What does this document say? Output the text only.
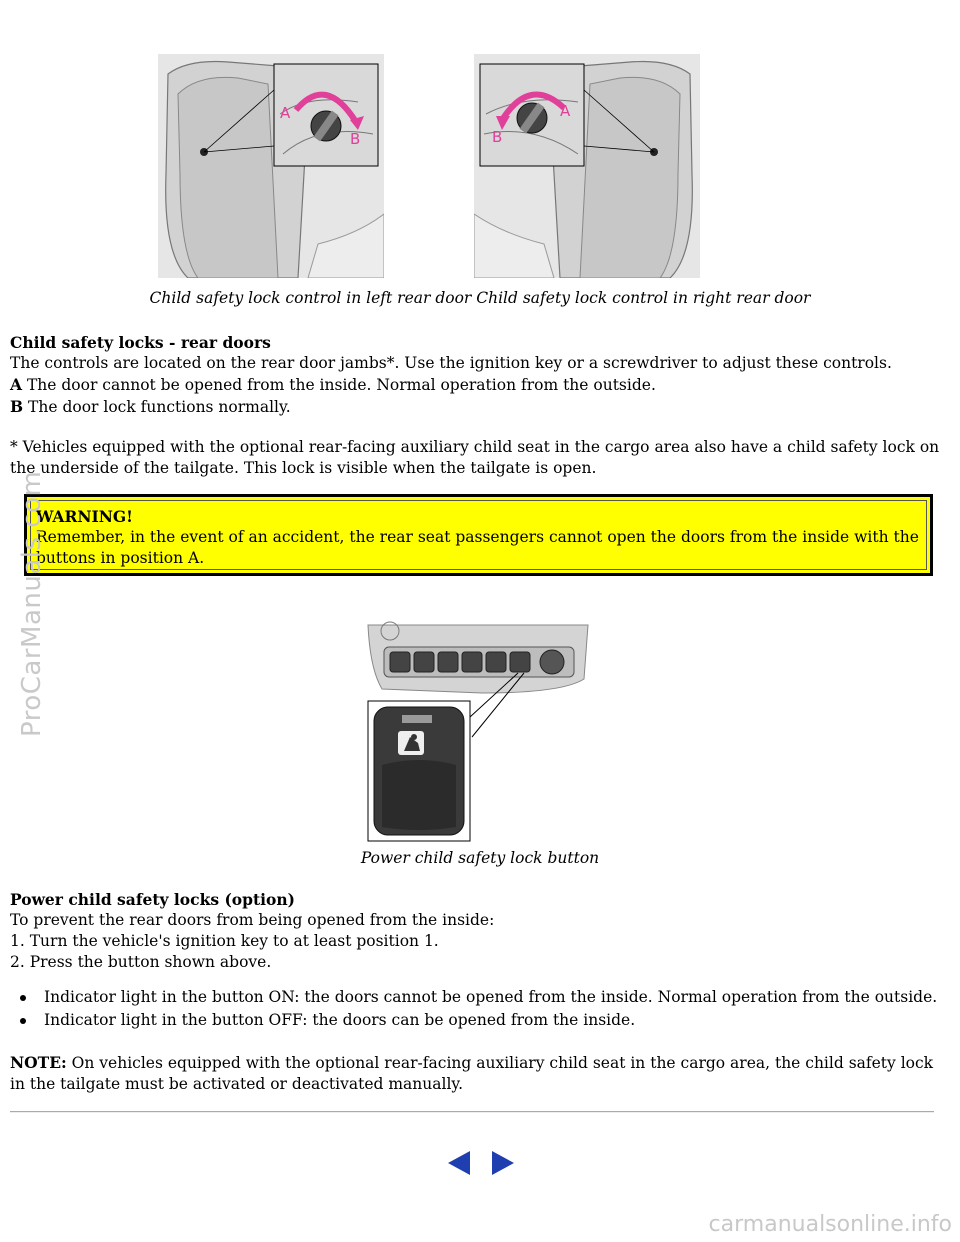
A
B
A
B
Child safety lock control in left rear door Child safety lock control in right rear door
Child safety locks - rear doors
The controls are located on the rear door jambs*. Use the ignition key or a screwdriver to adjust these controls.
A The door cannot be opened from the inside. Normal operation from the outside.
B The door lock functions normally.
* Vehicles equipped with the optional rear-facing auxiliary child seat in the cargo area also have a child safety lock on the underside of the tailgate. This lock is visible when the tailgate is open.
WARNING!
Remember, in the event of an accident, the rear seat passengers cannot open the doors from the inside with the buttons in position A.
Power child safety lock button
Power child safety locks (option)
To prevent the rear doors from being opened from the inside:
1. Turn the vehicle's ignition key to at least position 1.
2. Press the button shown above.
Indicator light in the button ON: the doors cannot be opened from the inside. Normal operation from the outside.
Indicator light in the button OFF: the doors can be opened from the inside.
NOTE: On vehicles equipped with the optional rear-facing auxiliary child seat in the cargo area, the child safety lock in the tailgate must be activated or deactivated manually.
ProCarManuals.com
carmanualsonline.info
